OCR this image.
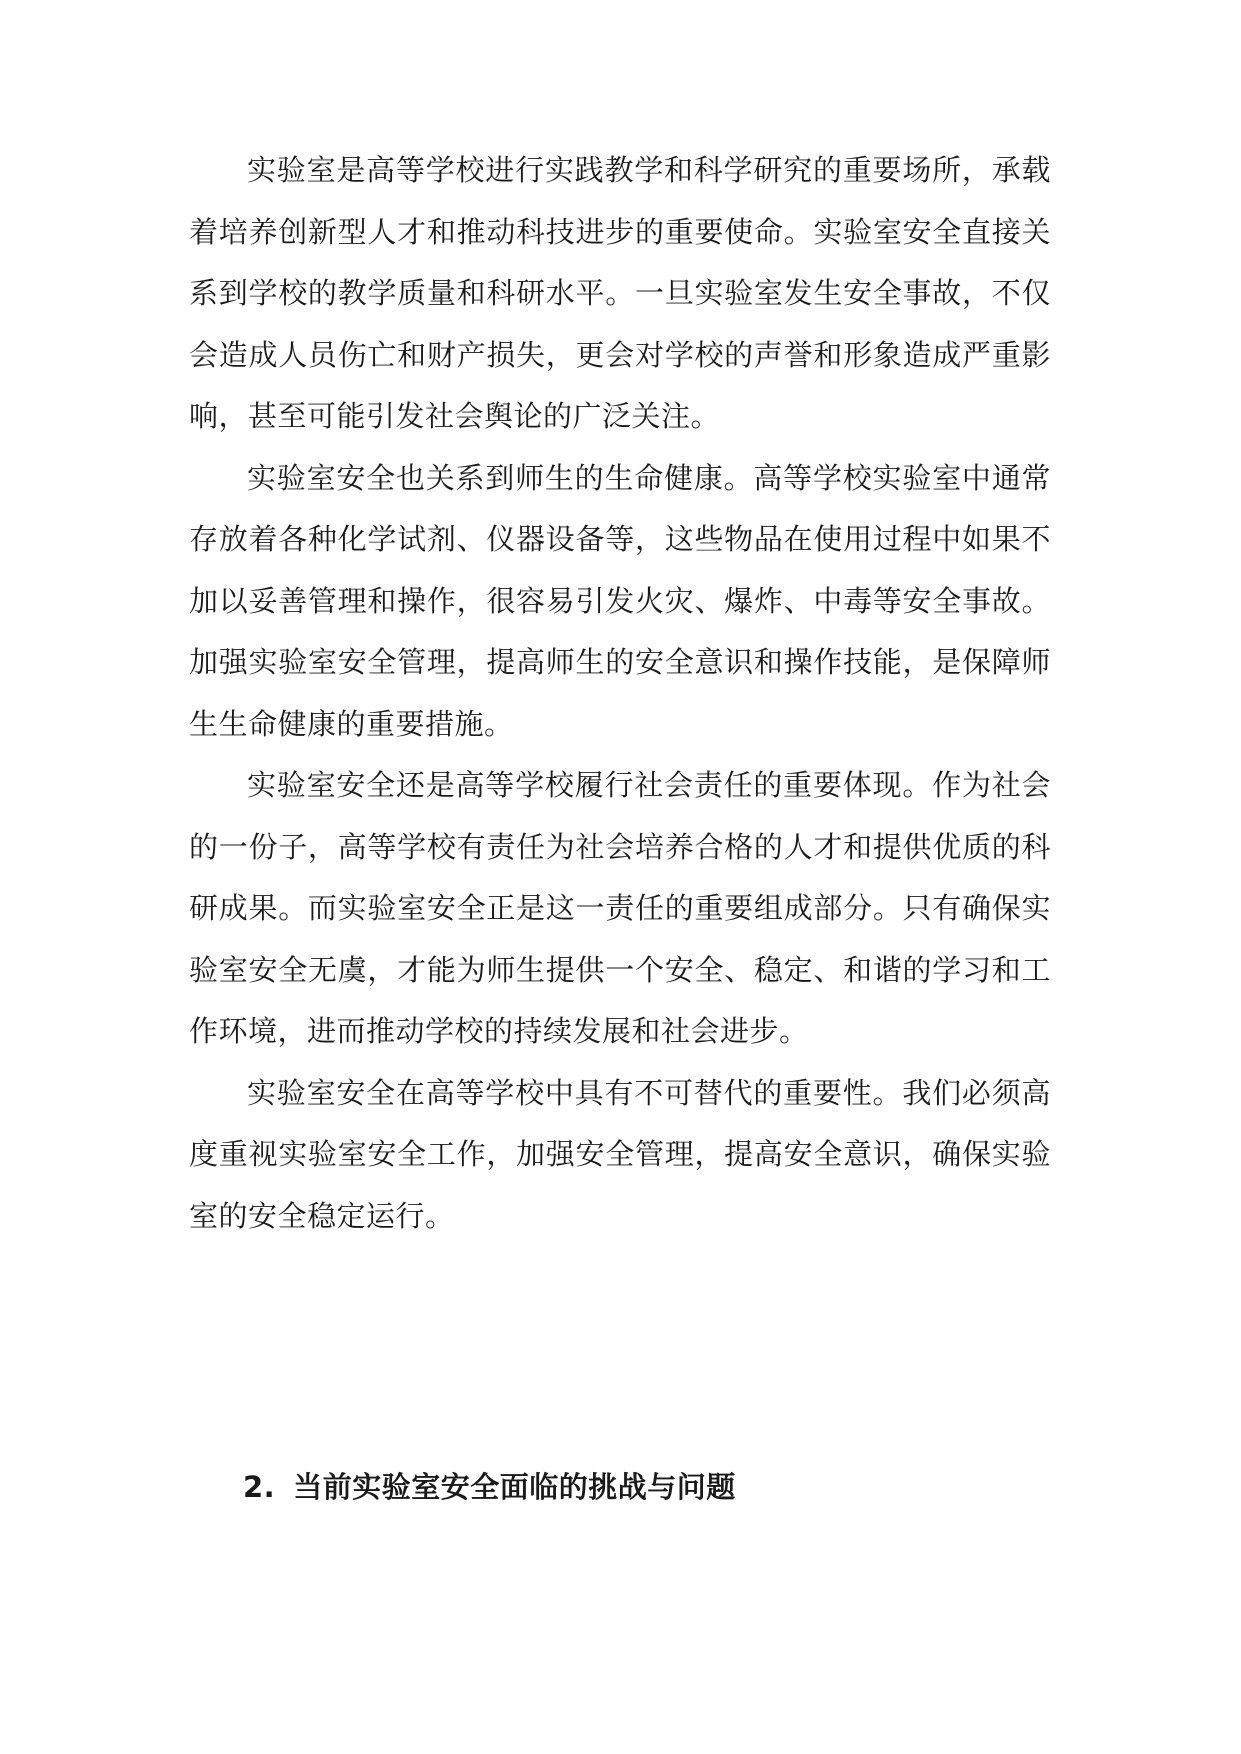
实验室是高等学校进行实践教学和科学研究的重要场所，承载着培养创新型人才和推动科技进步的重要使命。实验室安全直接关系到学校的教学质量和科研水平。一旦实验室发生安全事故，不仅会造成人员伤亡和财产损失，更会对学校的声誉和形象造成严重影响，甚至可能引发社会舆论的广泛关注。

实验室安全也关系到师生的生命健康。高等学校实验室中通常存放着各种化学试剂、仪器设备等，这些物品在使用过程中如果不加以妥善管理和操作，很容易引发火灾、爆炸、中毒等安全事故。加强实验室安全管理，提高师生的安全意识和操作技能，是保障师生生命健康的重要措施。

实验室安全还是高等学校履行社会责任的重要体现。作为社会的一份子，高等学校有责任为社会培养合格的人才和提供优质的科研成果。而实验室安全正是这一责任的重要组成部分。只有确保实验室安全无虞，才能为师生提供一个安全、稳定、和谐的学习和工作环境，进而推动学校的持续发展和社会进步。

实验室安全在高等学校中具有不可替代的重要性。我们必须高度重视实验室安全工作，加强安全管理，提高安全意识，确保实验室的安全稳定运行。

2. 当前实验室安全面临的挑战与问题
